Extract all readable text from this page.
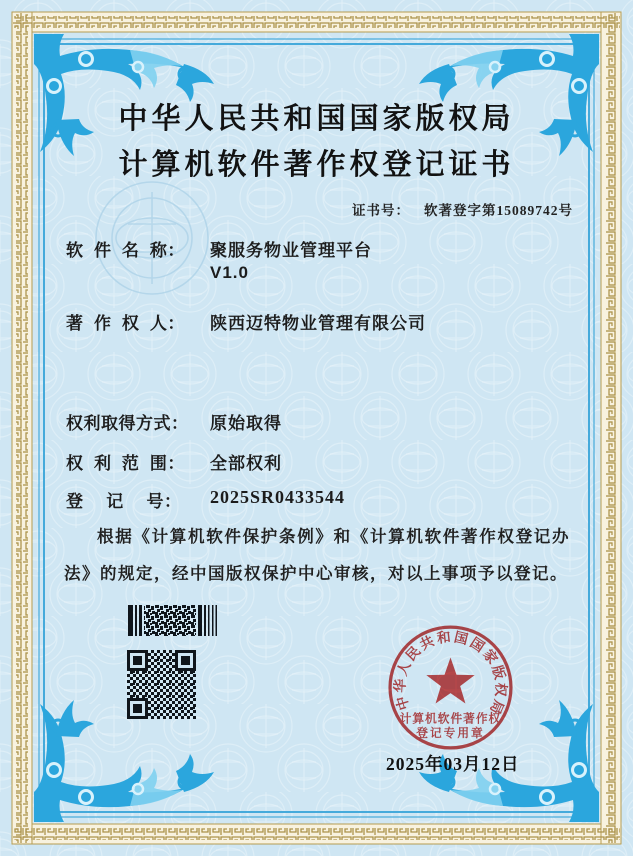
中华人民共和国国家版权局
计算机软件著作权登记证书
证书号： 软著登字第15089742号
软  件  名  称： 聚服务物业管理平台
V1.0
著  作  权  人： 陕西迈特物业管理有限公司
权利取得方式： 原始取得
权  利  范  围： 全部权利
登　 记 　号： 2025SR0433544
根据《计算机软件保护条例》和《计算机软件著作权登记办法》的规定，经中国版权保护中心审核，对以上事项予以登记。
中华人民共和国国家版权局
计算机软件著作权
登记专用章
2025年03月12日
